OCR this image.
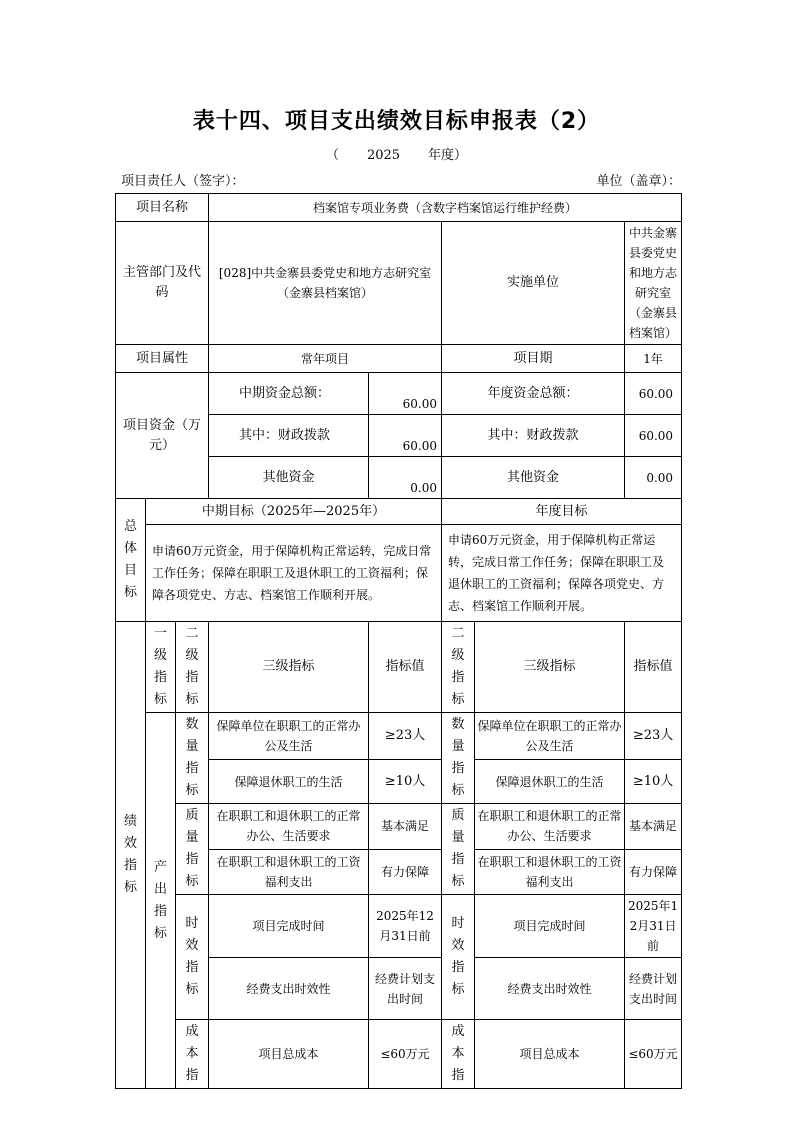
表十四、项目支出绩效目标申报表（2）
（ 2025 年度）
项目责任人（签字）：	单位（盖章）：
项目名称			档案馆专项业务费（含数字档案馆运行维护经费）				
主管部门及代码			[028]中共金寨县委党史和地方志研究室（金寨县档案馆）		实施单位		中共金寨县委党史和地方志研究室（金寨县档案馆）
项目属性			常年项目		项目期		1年
项目资金（万元）			中期资金总额：	60.00	年度资金总额：		60.00
			其中：财政拨款	60.00	其中：财政拨款		60.00
			其他资金	0.00	其他资金		0.00

总体目标	中期目标（2025年—2025年）				年度目标		
	申请60万元资金，用于保障机构正常运转，完成日常工作任务；保障在职职工及退休职工的工资福利；保障各项党史、方志、档案馆工作顺利开展。				申请60万元资金，用于保障机构正常运转，完成日常工作任务；保障在职职工及退休职工的工资福利；保障各项党史、方志、档案馆工作顺利开展。		

绩效指标	一级指标	二级指标	三级指标	指标值	二级指标	三级指标	指标值

	产出指标	数量指标	保障单位在职职工的正常办公及生活	≥23人	数量指标	保障单位在职职工的正常办公及生活	≥23人
			保障退休职工的生活	≥10人		保障退休职工的生活	≥10人

		质量指标	在职职工和退休职工的正常办公、生活要求	基本满足	质量指标	在职职工和退休职工的正常办公、生活要求	基本满足
			在职职工和退休职工的工资福利支出	有力保障		在职职工和退休职工的工资福利支出	有力保障

		时效指标	项目完成时间	2025年12月31日前	时效指标	项目完成时间	2025年12月31日前
			经费支出时效性	经费计划支出时间		经费支出时效性	经费计划支出时间

		成本指	项目总成本	≤60万元	成本指	项目总成本	≤60万元
